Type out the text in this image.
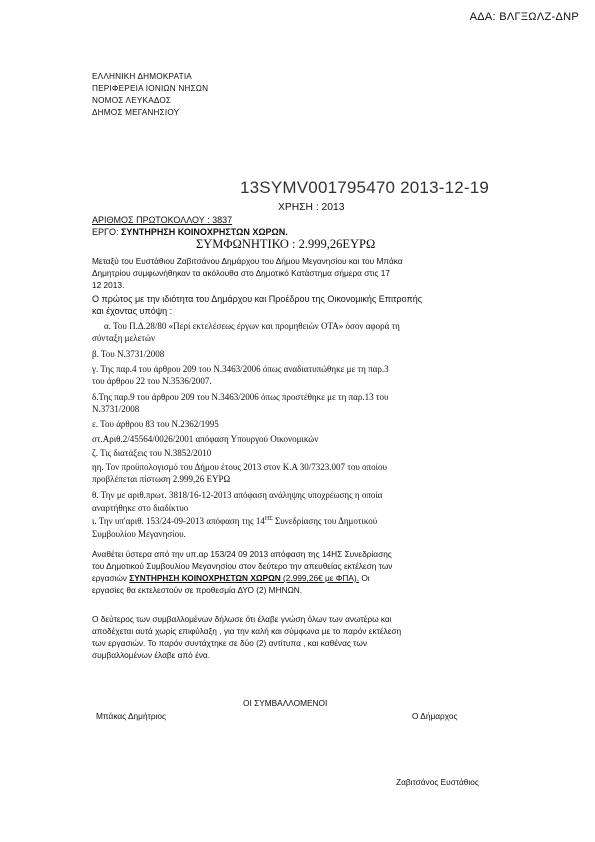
ΑΔΑ: ΒΛΓΞΩΛΖ-ΔΝΡ
ΕΛΛΗΝΙΚΗ ΔΗΜΟΚΡΑΤΙΑ
ΠΕΡΙΦΕΡΕΙΑ ΙΟΝΙΩΝ ΝΗΣΩΝ
ΝΟΜΟΣ ΛΕΥΚΑΔΟΣ
ΔΗΜΟΣ ΜΕΓΑΝΗΣΙΟΥ
13SYMV001795470 2013-12-19
ΧΡΗΣΗ : 2013
ΑΡΙΘΜΟΣ ΠΡΩΤΟΚΟΛΛΟΥ : 3837
ΕΡΓΟ: ΣΥΝΤΗΡΗΣΗ ΚΟΙΝΟΧΡΗΣΤΩΝ ΧΩΡΩΝ.
ΣΥΜΦΩΝΗΤΙΚΟ : 2.999,26ΕΥΡΩ
Μεταξύ του Ευστάθιου Ζαβιτσάνου Δημάρχου του Δήμου Μεγανησίου και του Μπάκα
Δημητρίου συμφωνήθηκαν τα ακόλουθα στο Δημοτικό Κατάστημα σήμερα στις 17
12 2013.
Ο πρώτος με την ιδιότητα του Δημάρχου και Προέδρου της Οικονομικής Επιτροπής
και έχοντας υπόψη :
α. Του Π.Δ.28/80 «Περί εκτελέσεως έργων και προμηθειών ΟΤΑ» όσον αφορά τη
σύνταξη μελετών
β. Του Ν.3731/2008
γ. Της παρ.4 του άρθρου 209 του Ν.3463/2006 όπως αναδιατυπώθηκε με τη παρ.3
του άρθρου 22 του Ν.3536/2007.
δ.Της παρ.9 του άρθρου 209 του Ν.3463/2006 όπως προστέθηκε με τη παρ.13 του
Ν.3731/2008
ε. Του άρθρου 83 του Ν.2362/1995
στ.Αριθ.2/45564/0026/2001 απόφαση Υπουργού Οικονομικών
ζ. Τις διατάξεις του Ν.3852/2010
ηη. Τον προϋπολογισμό του Δήμου έτους 2013 στον Κ.Α 30/7323.007 του οποίου
προβλέπεται πίστωση 2.999,26 ΕΥΡΩ
θ. Την με αριθ.πρωτ. 3818/16-12-2013 απόφαση ανάληψης υποχρέωσης η οποία
αναρτήθηκε στο διαδίκτυο
ι. Την υπ'αριθ. 153/24-09-2013 απόφαση της $14^{H\Sigma}$ Συνεδρίασης του Δημοτικού
Συμβουλίου Μεγανησίου.
Αναθέτει ύστερα από την υπ.αρ 153/24 09 2013 απόφαση της 14ΗΣ Συνεδρίασης
του Δημοτικού Συμβουλίου Μεγανησίου στον δεύτερο την απευθείας εκτέλεση των
εργασιών ΣΥΝΤΗΡΗΣΗ ΚΟΙΝΟΧΡΗΣΤΩΝ ΧΩΡΩΝ (2.999,26€ με ΦΠΑ). Οι
εργασίες θα εκτελεστούν σε προθεσμία ΔΥΟ (2) ΜΗΝΩΝ.
Ο δεύτερος των συμβαλλομένων δήλωσε ότι έλαβε γνώση όλων των ανωτέρω και
αποδέχεται αυτά χωρίς επιφύλαξη , για την καλή και σύμφωνα με το παρόν εκτέλεση
των εργασιών. Το παρόν συντάχτηκε σε δύο (2) αντίτυπα , και καθένας των
συμβαλλομένων έλαβε από ένα.
ΟΙ ΣΥΜΒΑΛΛΟΜΕΝΟΙ
Μπάκας Δημήτριος	Ο Δήμαρχος
Ζαβιτσάνος Ευστάθιος
